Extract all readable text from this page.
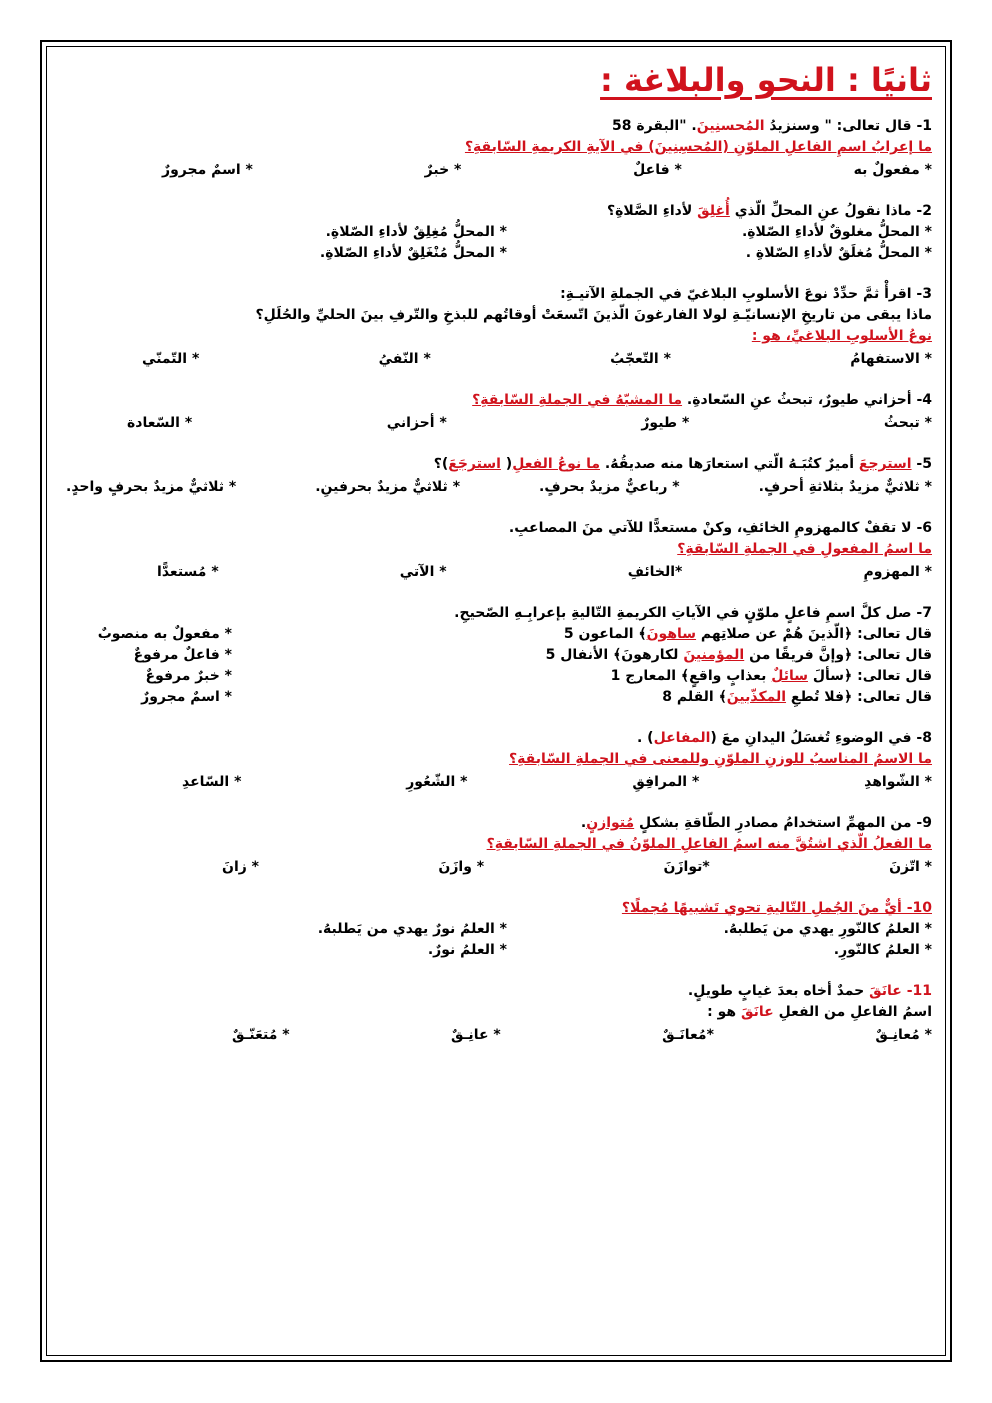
ثانيًا : النحو والبلاغة :
1- قال تعالى: " وسنزيدُ المُحسنِينَ. "البقرة 58
ما إعرابُ اسمِ الفاعلِ الملوّنِ (المُحسِنِينَ) في الآيةِ الكريمةِ السّابقةِ؟
* مفعولٌ به
* فاعلٌ
* خبرٌ
* اسمٌ مجرورٌ
2- ماذا نقولُ عنِ المحلِّ الّذي أُغلِقَ لأداءِ الصَّلاةِ؟
* المحلُّ مغلوقٌ لأداءِ الصّلاةِ.
* المحلُّ مُغِلِقٌ لأداءِ الصّلاةِ.
* المحلُّ مُغلَقٌ لأداءِ الصّلاةِ .
* المحلُّ مُنْغَلِقٌ لأداءِ الصّلاةِ.
3- اقرأْ ثمَّ حدِّدْ نوعَ الأسلوبِ البلاغيّ في الجملةِ الآتيـةِ:
ماذا يبقى من تاريخِ الإنسانيّـةِ لولا الفارغونَ الّذينَ اتّسعَتْ أوقاتُهم للبذخِ والتّرفِ بينَ الحليِّ والحُلَلِ؟
نوعُ الأسلوبِ البلاغيِّ، هو :
* الاستفهامُ
* التّعجّبُ
* النّفيُ
* التّمنّي
4- أحزاني طيورٌ، تبحثُ عنِ السّعادةِ. ما المشبّهُ في الجملةِ السّابقةِ؟
* تبحثُ
* طيورٌ
* أحزاني
* السّعادة
5- استرجعَ أميرٌ كتُبَـهُ الّتي استعارَها منه صديقُهُ. ما نوعُ الفعلِ( استرجَعَ)؟
* ثلاثيٌّ مزيدٌ بثلاثةِ أحرفٍ.
* رباعيٌّ مزيدٌ بحرفٍ.
* ثلاثيٌّ مزيدٌ بحرفينِ.
* ثلاثيٌّ مزيدٌ بحرفٍ واحدٍ.
6- لا تقفْ كالمهزومِ الخائفِ، وكنْ مستعدًّا للآتي منَ المصاعبِ.
ما اسمُ المفعولِ في الجملةِ السّابقةِ؟
* المهزومِ
*الخائفِ
* الآتي
* مُستعدًّا
7- صل كلَّ اسمِ فاعلٍ ملوّنٍ في الآياتِ الكريمةِ التّاليةِ بإعرابِـهِ الصّحيحِ.
قال تعالى: ﴿الّذينَ هُمْ عن صلاتِهم ساهونَ﴾ الماعون 5
* مفعولٌ به منصوبٌ
قال تعالى: ﴿وإنَّ فريقًا من المؤمنينَ لكارهونَ﴾ الأنفال 5
* فاعلٌ مرفوعٌ
قال تعالى: ﴿سألَ سائلٌ بعذابٍ واقعٍ﴾ المعارج 1
* خبرٌ مرفوعٌ
قال تعالى: ﴿فلا تُطعِ المكذّبينَ﴾ القلم 8
* اسمٌ مجرورٌ
8- في الوضوءِ تُغسَلُ اليدانِ معَ (المفاعل) .
ما الاسمُ المناسبُ للوزنِ الملوّنِ وللمعنى في الجملةِ السّابقةِ؟
* الشّواهدِ
* المرافِقِ
* الشّعُورِ
* السّاعدِ
9- من المهمِّ استخدامُ مصادرِ الطّاقةِ بشكلٍ مُتوازنٍ.
ما الفعلُ الّذي اشتُقَّ منه اسمُ الفاعلِ الملوّنُ في الجملةِ السّابقةِ؟
* اتّزنَ
*توازَنَ
* وازَنَ
* زانَ
10- أيٌّ منَ الجُملِ التّاليةِ تحوي تَشبيهًا مُجملًا؟
* العلمُ كالنّورِ يهدي من يَطلبهُ.
* العلمُ نورٌ يهدي من يَطلبهُ.
* العلمُ كالنّورِ.
* العلمُ نورٌ.
11- عانَقَ حمدٌ أخاه بعدَ غيابٍ طويلٍ.
اسمُ الفاعلِ من الفعلِ عانَقَ هو :
* مُعانِـقٌ
*مُعانَـقٌ
* عانِـقٌ
* مُتعَنّـقٌ
